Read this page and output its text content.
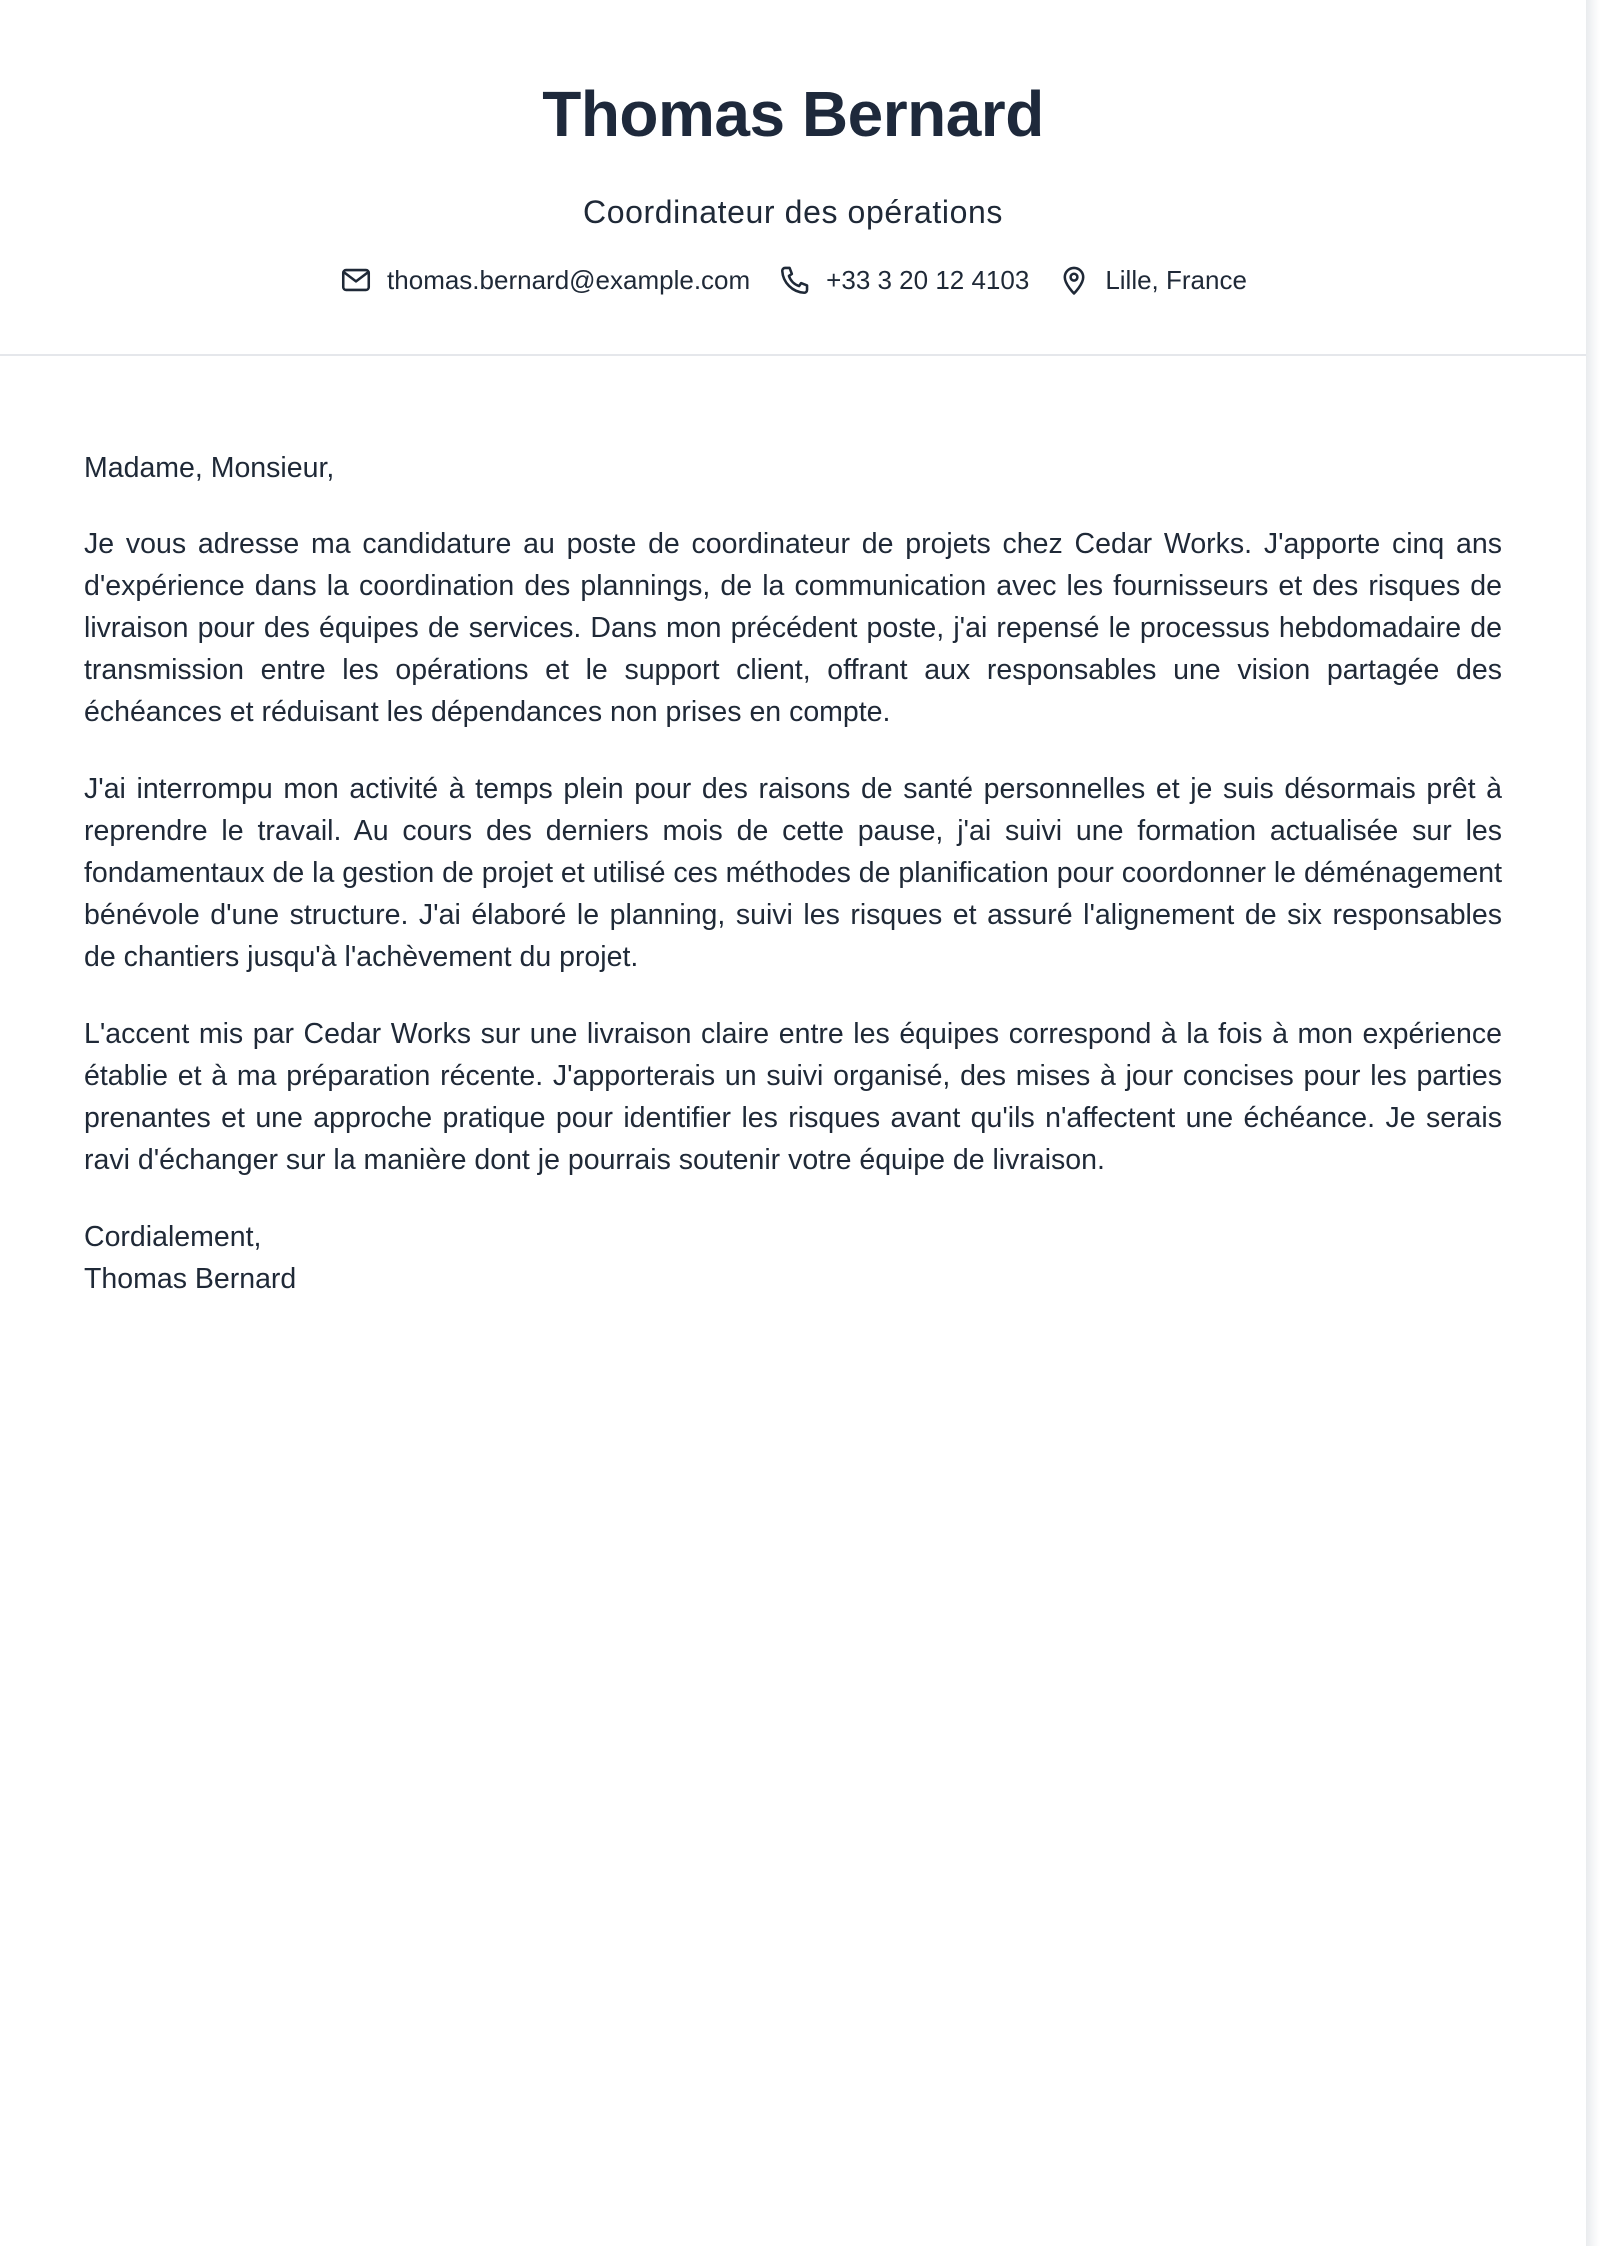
Thomas Bernard
Coordinateur des opérations
thomas.bernard@example.com	+33 3 20 12 4103	Lille, France

Madame, Monsieur,

Je vous adresse ma candidature au poste de coordinateur de projets chez Cedar Works. J'apporte cinq ans d'expérience dans la coordination des plannings, de la communication avec les fournisseurs et des risques de livraison pour des équipes de services. Dans mon précédent poste, j'ai repensé le processus hebdomadaire de transmission entre les opérations et le support client, offrant aux responsables une vision partagée des échéances et réduisant les dépendances non prises en compte.

J'ai interrompu mon activité à temps plein pour des raisons de santé personnelles et je suis désormais prêt à reprendre le travail. Au cours des derniers mois de cette pause, j'ai suivi une formation actualisée sur les fondamentaux de la gestion de projet et utilisé ces méthodes de planification pour coordonner le déménagement bénévole d'une structure. J'ai élaboré le planning, suivi les risques et assuré l'alignement de six responsables de chantiers jusqu'à l'achèvement du projet.

L'accent mis par Cedar Works sur une livraison claire entre les équipes correspond à la fois à mon expérience établie et à ma préparation récente. J'apporterais un suivi organisé, des mises à jour concises pour les parties prenantes et une approche pratique pour identifier les risques avant qu'ils n'affectent une échéance. Je serais ravi d'échanger sur la manière dont je pourrais soutenir votre équipe de livraison.

Cordialement,
Thomas Bernard
